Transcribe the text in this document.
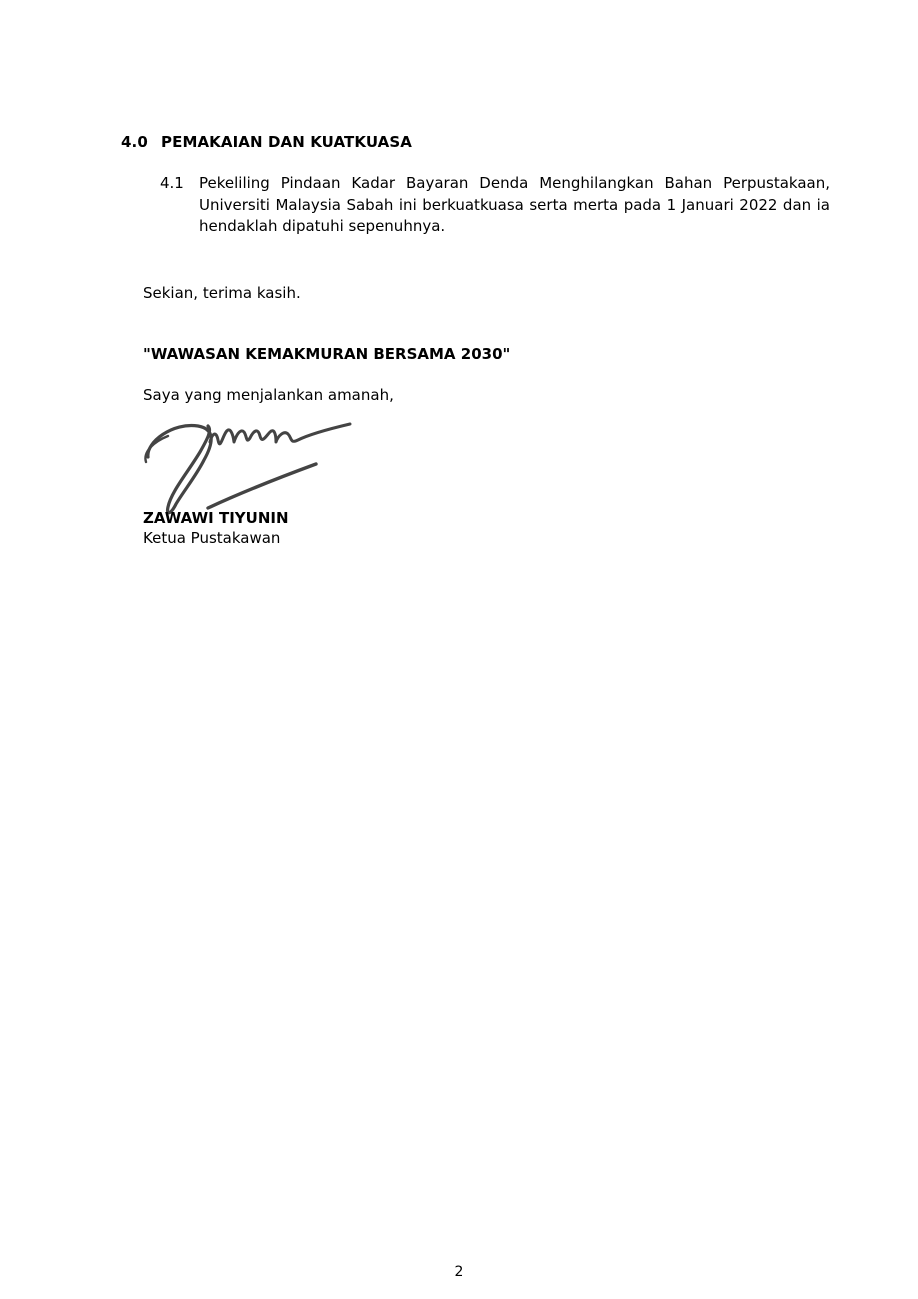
4.0 PEMAKAIAN DAN KUATKUASA
4.1 Pekeliling Pindaan Kadar Bayaran Denda Menghilangkan Bahan Perpustakaan, Universiti Malaysia Sabah ini berkuatkuasa serta merta pada 1 Januari 2022 dan ia hendaklah dipatuhi sepenuhnya.
Sekian, terima kasih.
"WAWASAN KEMAKMURAN BERSAMA 2030"
Saya yang menjalankan amanah,
ZAWAWI TIYUNIN
Ketua Pustakawan
2
